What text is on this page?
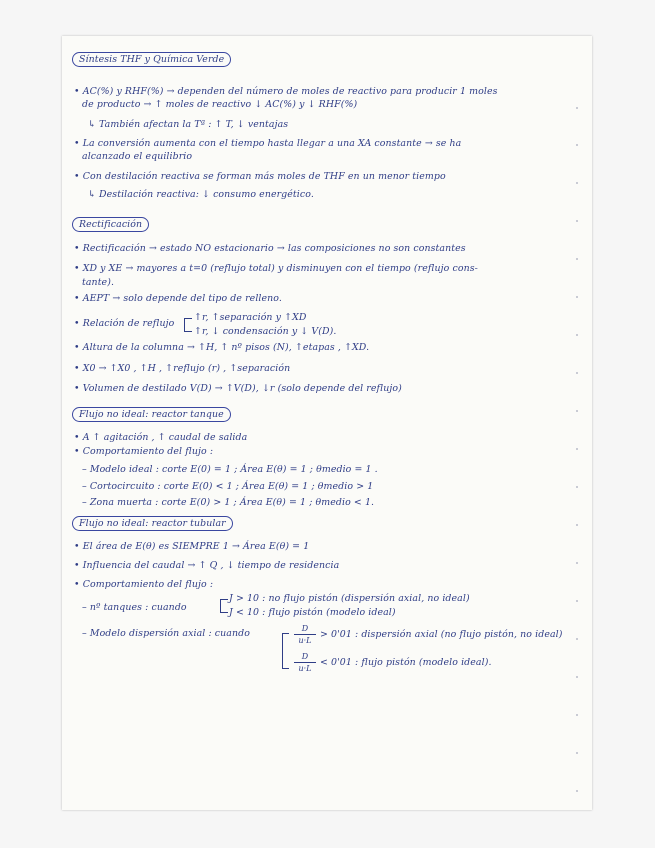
Síntesis THF y Química Verde
• AC(%) y RHF(%) → dependen del número de moles de reactivo para producir 1 moles
de producto → ↑ moles de reactivo ↓ AC(%) y ↓ RHF(%)
↳ También afectan la Tª : ↑ T, ↓ ventajas
• La conversión aumenta con el tiempo hasta llegar a una XA constante → se ha
alcanzado el equilibrio
• Con destilación reactiva se forman más moles de THF en un menor tiempo
↳ Destilación reactiva: ↓ consumo energético.
Rectificación
• Rectificación → estado NO estacionario → las composiciones no son constantes
• XD y XE → mayores a t=0 (reflujo total) y disminuyen con el tiempo (reflujo cons-
tante).
• AEPT → solo depende del tipo de relleno.
• Relación de reflujo
↑r, ↑separación y ↑XD
↑r, ↓ condensación y ↓ V(D).
• Altura de la columna → ↑H, ↑ nº pisos (N), ↑etapas , ↑XD.
• X0 → ↑X0 , ↑H , ↑reflujo (r) , ↑separación
• Volumen de destilado V(D) → ↑V(D), ↓r (solo depende del reflujo)
Flujo no ideal: reactor tanque
• A ↑ agitación , ↑ caudal de salida
• Comportamiento del flujo :
– Modelo ideal : corte E(0) = 1 ; Área E(θ) = 1 ; θmedio = 1 .
– Cortocircuito : corte E(0) < 1 ; Área E(θ) = 1 ; θmedio > 1
– Zona muerta : corte E(0) > 1 ; Área E(θ) = 1 ; θmedio < 1.
Flujo no ideal: reactor tubular
• El área de E(θ) es SIEMPRE 1 → Área E(θ) = 1
• Influencia del caudal → ↑ Q , ↓ tiempo de residencia
• Comportamiento del flujo :
– nº tanques : cuando
J > 10 : no flujo pistón (dispersión axial, no ideal)
J < 10 : flujo pistón (modelo ideal)
– Modelo dispersión axial : cuando	D
u·L
> 0'01 : dispersión axial (no flujo pistón, no ideal)
D
u·L
< 0'01 : flujo pistón (modelo ideal).
